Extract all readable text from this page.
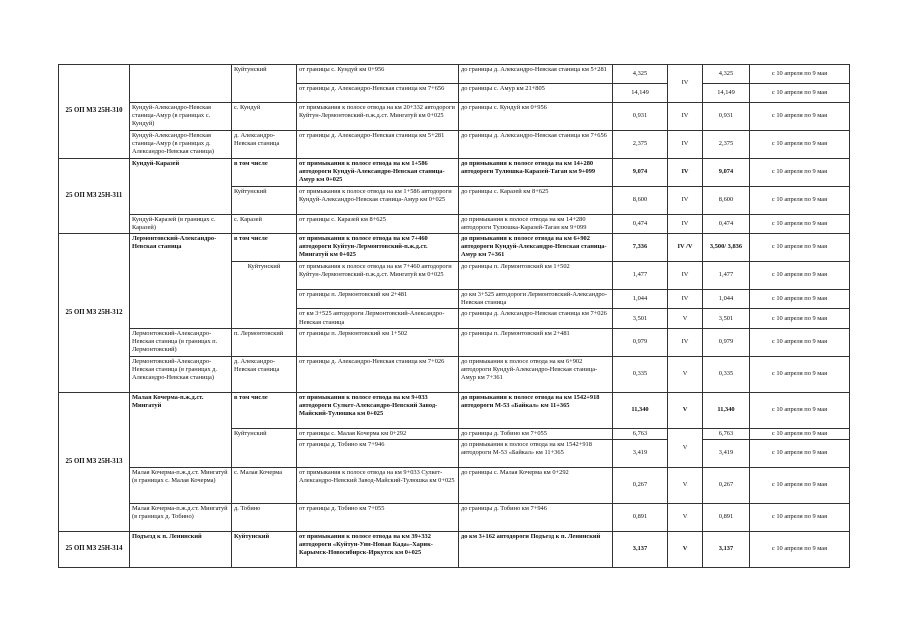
25 ОП МЗ 25Н-310		Куйтунский	от границы с. Кундуй км 0+956	до границы д. Александро-Невская станица км 5+281	4,325	IV	4,325	с 10 апреля по 9 мая
			от границы д. Александро-Невская станица км 7+656	до границы с. Амур км 21+805	14,149		14,149	с 10 апреля по 9 мая
	Кундуй-Александро-Невская станица-Амур (в границах с. Кундуй)	с. Кундуй	от примыкания к полосе отвода на км 20+332 автодороги Куйтун-Лермонтовский-п.ж.д.ст. Мингатуй км 0+025	до границы с. Кундуй км 0+956	0,931	IV	0,931	с 10 апреля по 9 мая
	Кундуй-Александро-Невская станица-Амур (в границах д. Александро-Невская станица)	д. Александро-Невская станица	от границы д. Александро-Невская станица км 5+281	до границы д. Александро-Невская станица км 7+656	2,375	IV	2,375	с 10 апреля по 9 мая
25 ОП МЗ 25Н-311	Кундуй-Каразей	в том числе	от примыкания к полосе отвода на км 1+586 автодороги Кундуй-Александро-Невская станица-Амур км 0+025	до примыкания к полосе отвода на км 14+280 автодороги Тулюшка-Каразей-Таган км 9+099	9,074	IV	9,074	с 10 апреля по 9 мая
		Куйтунский	от примыкания к полосе отвода на км 1+586 автодороги Кундуй-Александро-Невская станица-Амур км 0+025	до границы с. Каразей км 8+625	8,600	IV	8,600	с 10 апреля по 9 мая
	Кундуй-Каразей (в границах с. Каразей)	с. Каразей	от границы с. Каразей км 8+625	до примыкания к полосе отвода на км 14+280 автодороги Тулюшка-Каразей-Таган км 9+099	0,474	IV	0,474	с 10 апреля по 9 мая
25 ОП МЗ 25Н-312	Лермонтовский-Александро-Невская станица	в том числе	от примыкания к полосе отвода на км 7+460 автодороги Куйтун-Лермонтовский-п.ж.д.ст. Мингатуй км 0+025	до примыкания к полосе отвода на км 6+902 автодороги Кундуй-Александро-Невская станица-Амур км 7+361	7,336	IV /V	3,500/ 3,836	с 10 апреля по 9 мая
		Куйтунский	от примыкания к полосе отвода на км 7+460 автодороги Куйтун-Лермонтовский-п.ж.д.ст. Мингатуй км 0+025	до границы п. Лермонтовский км 1+502	1,477	IV	1,477	с 10 апреля по 9 мая
			от границы п. Лермонтовский км 2+481	до км 3+525 автодороги Лермонтовский-Александро-Невская станица	1,044	IV	1,044	с 10 апреля по 9 мая
			от км 3+525 автодороги Лермонтовский-Александро-Невская станица	до границы д. Александро-Невская станица км 7+026	3,501	V	3,501	с 10 апреля по 9 мая
	Лермонтовский-Александро-Невская станица (в границах п. Лермонтовский)	п. Лермонтовский	от границы п. Лермонтовский км 1+502	до границы п. Лермонтовский км 2+481	0,979	IV	0,979	с 10 апреля по 9 мая
	Лермонтовский-Александро-Невская станица (в границах д. Александро-Невская станица)	д. Александро-Невская станица	от границы д. Александро-Невская станица км 7+026	до примыкания к полосе отвода на км 6+902 автодороги Кундуй-Александро-Невская станица-Амур км 7+361	0,335	V	0,335	с 10 апреля по 9 мая
25 ОП МЗ 25Н-313	Малая Кочерма-п.ж.д.ст. Мингатуй	в том числе	от примыкания к полосе отвода на км 9+033 автодороги Сулкет-Александро-Невский Завод-Майский-Тулюшка км 0+025	до примыкания к полосе отвода на км 1542+918 автодороги М-53 «Байкал» км 11+365	11,340	V	11,340	с 10 апреля по 9 мая
		Куйтунский	от границы с. Малая Кочерма км 0+292	до границы д. Тобино км 7+055	6,763	V	6,763	с 10 апреля по 9 мая
			от границы д. Тобино км 7+946	до примыкания к полосе отвода на км 1542+918 автодороги М-53 «Байкал» км 11+365	3,419		3,419	с 10 апреля по 9 мая
	Малая Кочерма-п.ж.д.ст. Мингатуй (в границах с. Малая Кочерма)	с. Малая Кочерма	от примыкания к полосе отвода на км 9+033 Сулкет-Александро-Невский Завод-Майский-Тулюшка км 0+025	до границы с. Малая Кочерма км 0+292	0,267	V	0,267	с 10 апреля по 9 мая
	Малая Кочерма-п.ж.д.ст. Мингатуй (в границах д. Тобино)	д. Тобино	от границы д. Тобино км 7+055	до границы д. Тобино км 7+946	0,891	V	0,891	с 10 апреля по 9 мая
25 ОП МЗ 25Н-314	Подъезд к п. Ленинский	Куйтунский	от примыкания к полосе отвода на км 39+332 автодороги «Куйтун-Уян-Новая Када»-Харик-Карымск-Новосибирск-Иркутск км 0+025	до км 3+162 автодороги Подъезд к п. Ленинский	3,137	V	3,137	с 10 апреля по 9 мая
